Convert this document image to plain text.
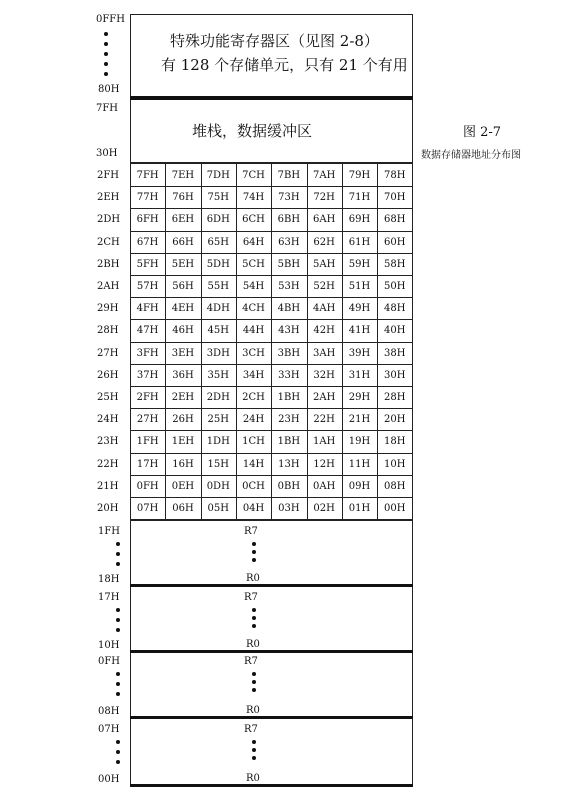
0FFH
80H
特殊功能寄存器区（见图 2-8）
有 128 个存储单元，只有 21 个有用
7FH
30H
堆栈，数据缓冲区	图 2-7
数据存储器地址分布图
2FH	7FH	7EH	7DH	7CH	7BH	7AH	79H	78H
2EH	77H	76H	75H	74H	73H	72H	71H	70H
2DH	6FH	6EH	6DH	6CH	6BH	6AH	69H	68H
2CH	67H	66H	65H	64H	63H	62H	61H	60H
2BH	5FH	5EH	5DH	5CH	5BH	5AH	59H	58H
2AH	57H	56H	55H	54H	53H	52H	51H	50H
29H	4FH	4EH	4DH	4CH	4BH	4AH	49H	48H
28H	47H	46H	45H	44H	43H	42H	41H	40H
27H	3FH	3EH	3DH	3CH	3BH	3AH	39H	38H
26H	37H	36H	35H	34H	33H	32H	31H	30H
25H	2FH	2EH	2DH	2CH	1BH	2AH	29H	28H
24H	27H	26H	25H	24H	23H	22H	21H	20H
23H	1FH	1EH	1DH	1CH	1BH	1AH	19H	18H
22H	17H	16H	15H	14H	13H	12H	11H	10H
21H	0FH	0EH	0DH	0CH	0BH	0AH	09H	08H
20H	07H	06H	05H	04H	03H	02H	01H	00H
1FH
18H
R7
R0
17H
10H
R7
R0
0FH
08H
R7
R0
07H
00H
R7
R0
